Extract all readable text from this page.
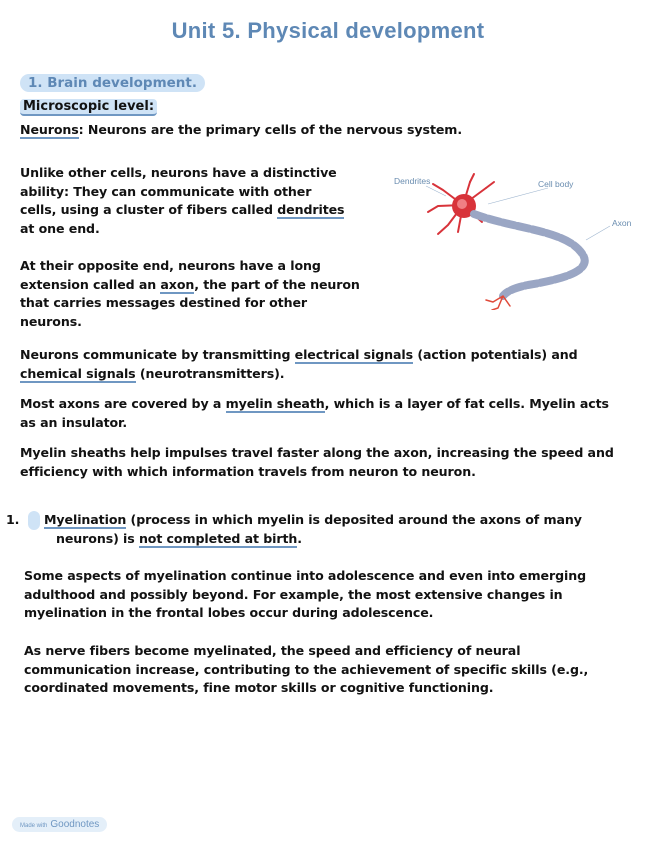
Unit 5. Physical development
1. Brain development.
Microscopic level:
Neurons: Neurons are the primary cells of the nervous system.
Unlike other cells, neurons have a distinctive ability: They can communicate with other cells, using a cluster of fibers called dendrites at one end.
At their opposite end, neurons have a long extension called an axon, the part of the neuron that carries messages destined for other neurons.
Dendrites	Cell body
Axon
Neurons communicate by transmitting electrical signals (action potentials) and chemical signals (neurotransmitters).
Most axons are covered by a myelin sheath, which is a layer of fat cells. Myelin acts as an insulator.
Myelin sheaths help impulses travel faster along the axon, increasing the speed and efficiency with which information travels from neuron to neuron.
1. Myelination (process in which myelin is deposited around the axons of many neurons) is not completed at birth.
Some aspects of myelination continue into adolescence and even into emerging adulthood and possibly beyond. For example, the most extensive changes in myelination in the frontal lobes occur during adolescence.
As nerve fibers become myelinated, the speed and efficiency of neural communication increase, contributing to the achievement of specific skills (e.g., coordinated movements, fine motor skills or cognitive functioning.
Made with Goodnotes
